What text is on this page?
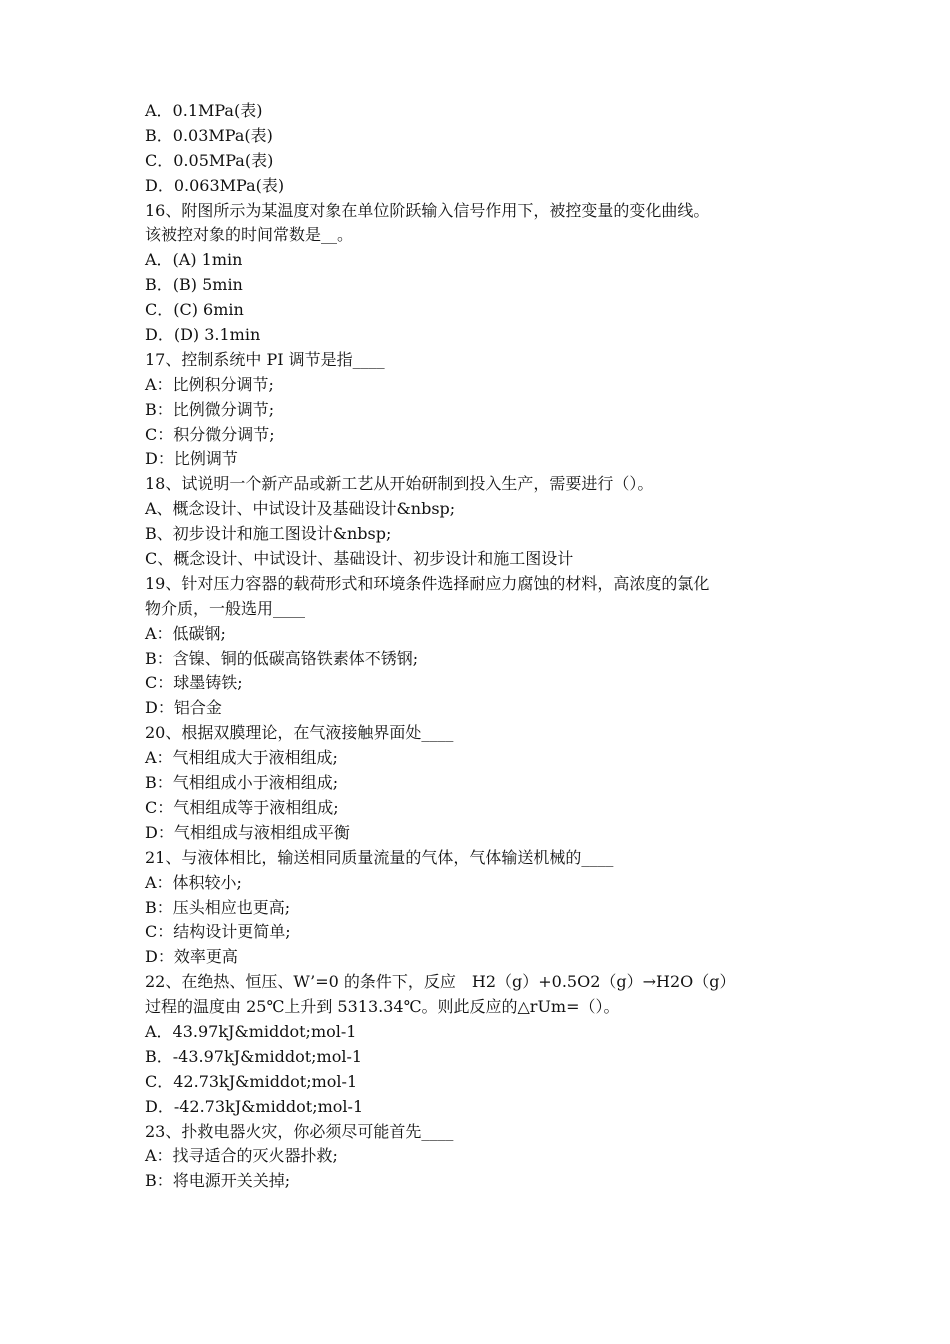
A．0.1MPa(表)
B．0.03MPa(表)
C．0.05MPa(表)
D．0.063MPa(表)
16、附图所示为某温度对象在单位阶跃输入信号作用下，被控变量的变化曲线。
该被控对象的时间常数是__。
A．(A) 1min
B．(B) 5min
C．(C) 6min
D．(D) 3.1min
17、控制系统中 PI 调节是指____
A：比例积分调节;
B：比例微分调节;
C：积分微分调节;
D：比例调节
18、试说明一个新产品或新工艺从开始研制到投入生产，需要进行（）。
A、概念设计、中试设计及基础设计&nbsp;
B、初步设计和施工图设计&nbsp;
C、概念设计、中试设计、基础设计、初步设计和施工图设计
19、针对压力容器的载荷形式和环境条件选择耐应力腐蚀的材料，高浓度的氯化
物介质，一般选用____
A：低碳钢;
B：含镍、铜的低碳高铬铁素体不锈钢;
C：球墨铸铁;
D：铝合金
20、根据双膜理论，在气液接触界面处____
A：气相组成大于液相组成;
B：气相组成小于液相组成;
C：气相组成等于液相组成;
D：气相组成与液相组成平衡
21、与液体相比，输送相同质量流量的气体，气体输送机械的____
A：体积较小;
B：压头相应也更高;
C：结构设计更简单;
D：效率更高
22、在绝热、恒压、W’=0 的条件下，反应　H2（g）+0.5O2（g）→H2O（g）
过程的温度由 25℃上升到 5313.34℃。则此反应的△rUm=（）。
A．43.97kJ&middot;mol-1
B．-43.97kJ&middot;mol-1
C．42.73kJ&middot;mol-1
D．-42.73kJ&middot;mol-1
23、扑救电器火灾，你必须尽可能首先____
A：找寻适合的灭火器扑救;
B：将电源开关关掉;
